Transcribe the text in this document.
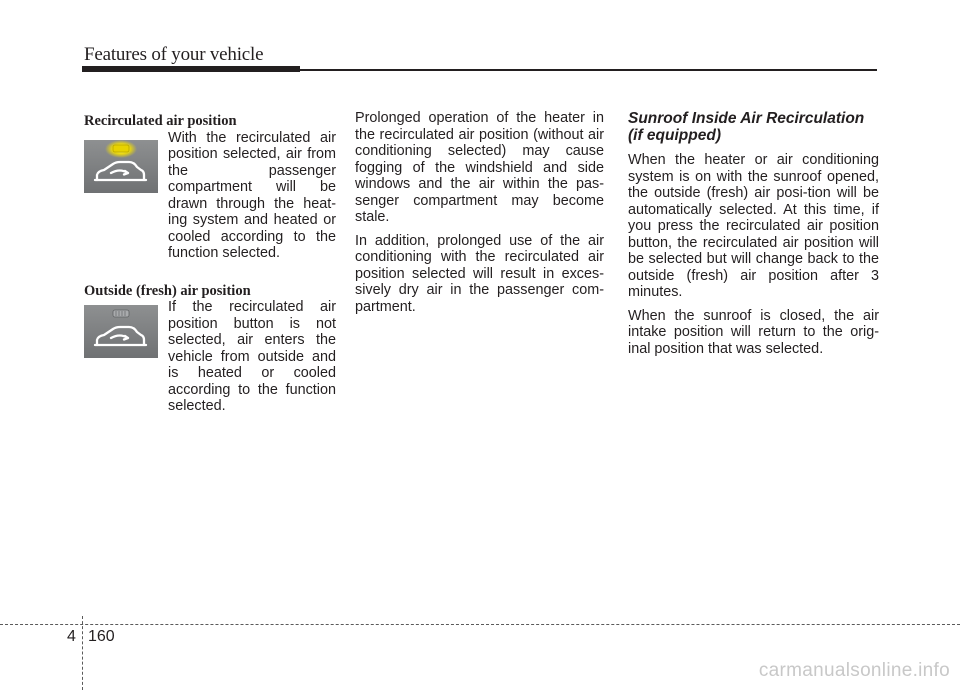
Features of your vehicle
Recirculated air position

With the recirculated air position selected, air from the passenger compartment will be drawn through the heat-ing system and heated or cooled according to the function selected.

Outside (fresh) air position

If the recirculated air position button is not selected, air enters the vehicle from outside and is heated or cooled according to the function selected.

Prolonged operation of the heater in the recirculated air position (without air conditioning selected) may cause fogging of the windshield and side windows and the air within the pas-senger compartment may become stale.

In addition, prolonged use of the air conditioning with the recirculated air position selected will result in exces-sively dry air in the passenger com-partment.

Sunroof Inside Air Recirculation
(if equipped)

When the heater or air conditioning system is on with the sunroof opened, the outside (fresh) air posi-tion will be automatically selected. At this time, if you press the recirculated air position button, the recirculated air position will be selected but will change back to the outside (fresh) air position after 3 minutes.

When the sunroof is closed, the air intake position will return to the orig-inal position that was selected.

4 160
carmanualsonline.info
